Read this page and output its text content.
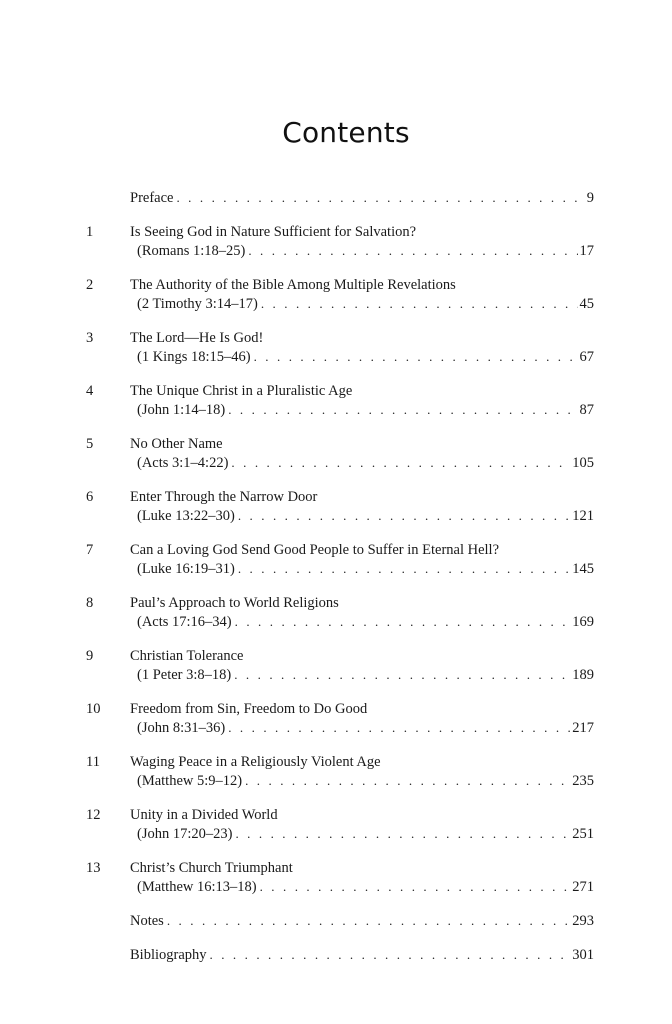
Contents
Preface . . .	9
1	Is Seeing God in Nature Sufficient for Salvation?
(Romans 1:18–25) . . .	17
2	The Authority of the Bible Among Multiple Revelations
(2 Timothy 3:14–17) . . .	45
3	The Lord—He Is God!
(1 Kings 18:15–46) . . .	67
4	The Unique Christ in a Pluralistic Age
(John 1:14–18) . . .	87
5	No Other Name
(Acts 3:1–4:22) . . .	105
6	Enter Through the Narrow Door
(Luke 13:22–30) . . .	121
7	Can a Loving God Send Good People to Suffer in Eternal Hell?
(Luke 16:19–31) . . .	145
8	Paul’s Approach to World Religions
(Acts 17:16–34) . . .	169
9	Christian Tolerance
(1 Peter 3:8–18) . . .	189
10 Freedom from Sin, Freedom to Do Good
(John 8:31–36) . . .	217
11 Waging Peace in a Religiously Violent Age
(Matthew 5:9–12) . . .	235
12 Unity in a Divided World
(John 17:20–23) . . .	251
13 Christ’s Church Triumphant
(Matthew 16:13–18) . . .	271
Notes . . .	293
Bibliography . . .	301
